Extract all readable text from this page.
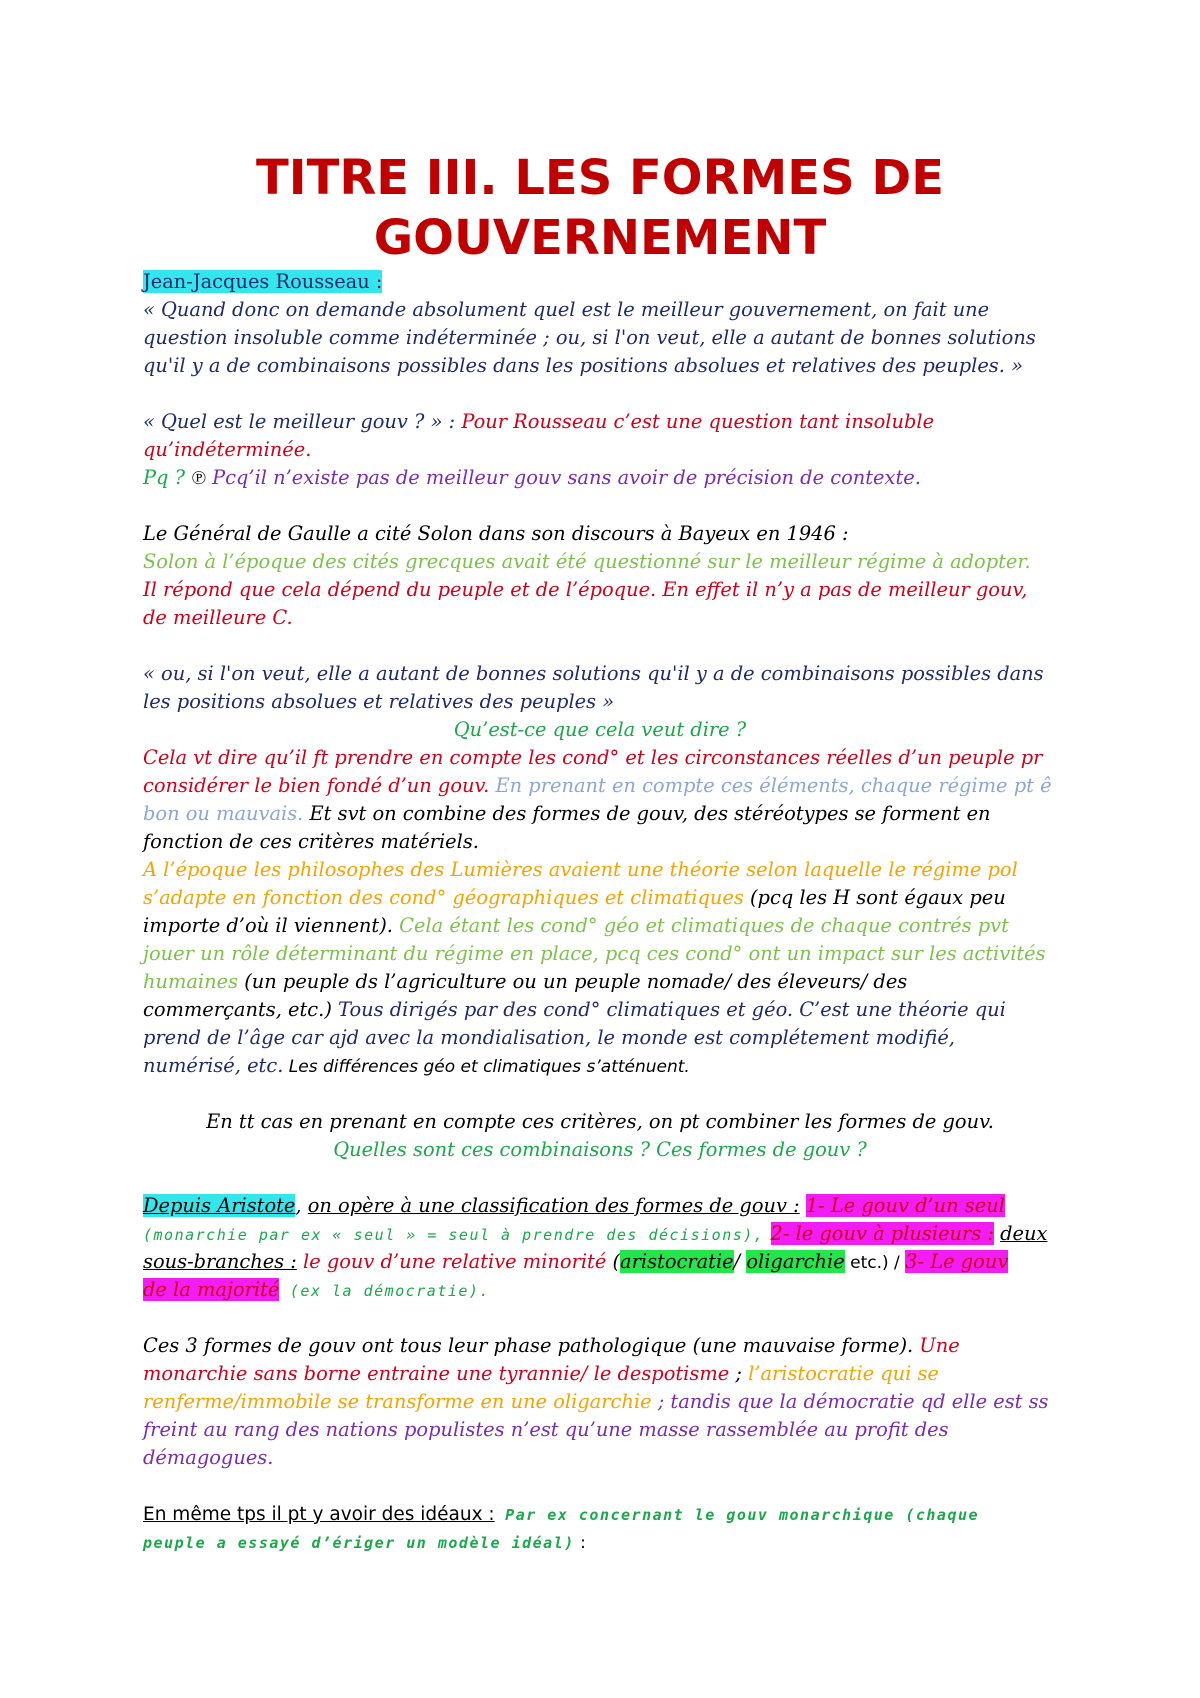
TITRE III. LES FORMES DE
GOUVERNEMENT
Jean-Jacques Rousseau :
« Quand donc on demande absolument quel est le meilleur gouvernement, on fait une
question insoluble comme indéterminée ; ou, si l'on veut, elle a autant de bonnes solutions
qu'il y a de combinaisons possibles dans les positions absolues et relatives des peuples. »
« Quel est le meilleur gouv ? » : Pour Rousseau c’est une question tant insoluble
qu’indéterminée.
Pq ? ℗ Pcq’il n’existe pas de meilleur gouv sans avoir de précision de contexte.
Le Général de Gaulle a cité Solon dans son discours à Bayeux en 1946 :
Solon à l’époque des cités grecques avait été questionné sur le meilleur régime à adopter.
Il répond que cela dépend du peuple et de l’époque. En effet il n’y a pas de meilleur gouv,
de meilleure C.
« ou, si l'on veut, elle a autant de bonnes solutions qu'il y a de combinaisons possibles dans
les positions absolues et relatives des peuples »
Qu’est-ce que cela veut dire ?
Cela vt dire qu’il ft prendre en compte les cond° et les circonstances réelles d’un peuple pr
considérer le bien fondé d’un gouv. En prenant en compte ces éléments, chaque régime pt ê
bon ou mauvais. Et svt on combine des formes de gouv, des stéréotypes se forment en
fonction de ces critères matériels.
A l’époque les philosophes des Lumières avaient une théorie selon laquelle le régime pol
s’adapte en fonction des cond° géographiques et climatiques (pcq les H sont égaux peu
importe d’où il viennent). Cela étant les cond° géo et climatiques de chaque contrés pvt
jouer un rôle déterminant du régime en place, pcq ces cond° ont un impact sur les activités
humaines (un peuple ds l’agriculture ou un peuple nomade/ des éleveurs/ des
commerçants, etc.) Tous dirigés par des cond° climatiques et géo. C’est une théorie qui
prend de l’âge car ajd avec la mondialisation, le monde est complétement modifié,
numérisé, etc. Les différences géo et climatiques s’atténuent.
En tt cas en prenant en compte ces critères, on pt combiner les formes de gouv.
Quelles sont ces combinaisons ? Ces formes de gouv ?
Depuis Aristote, on opère à une classification des formes de gouv : 1- Le gouv d’un seul
(monarchie par ex « seul » = seul à prendre des décisions), 2- le gouv à plusieurs : deux
sous-branches : le gouv d’une relative minorité (aristocratie/ oligarchie etc.) / 3- Le gouv
de la majorité (ex la démocratie).
Ces 3 formes de gouv ont tous leur phase pathologique (une mauvaise forme). Une
monarchie sans borne entraine une tyrannie/ le despotisme ; l’aristocratie qui se
renferme/immobile se transforme en une oligarchie ; tandis que la démocratie qd elle est ss
freint au rang des nations populistes n’est qu’une masse rassemblée au profit des
démagogues.
En même tps il pt y avoir des idéaux : Par ex concernant le gouv monarchique (chaque
peuple a essayé d’ériger un modèle idéal) :
